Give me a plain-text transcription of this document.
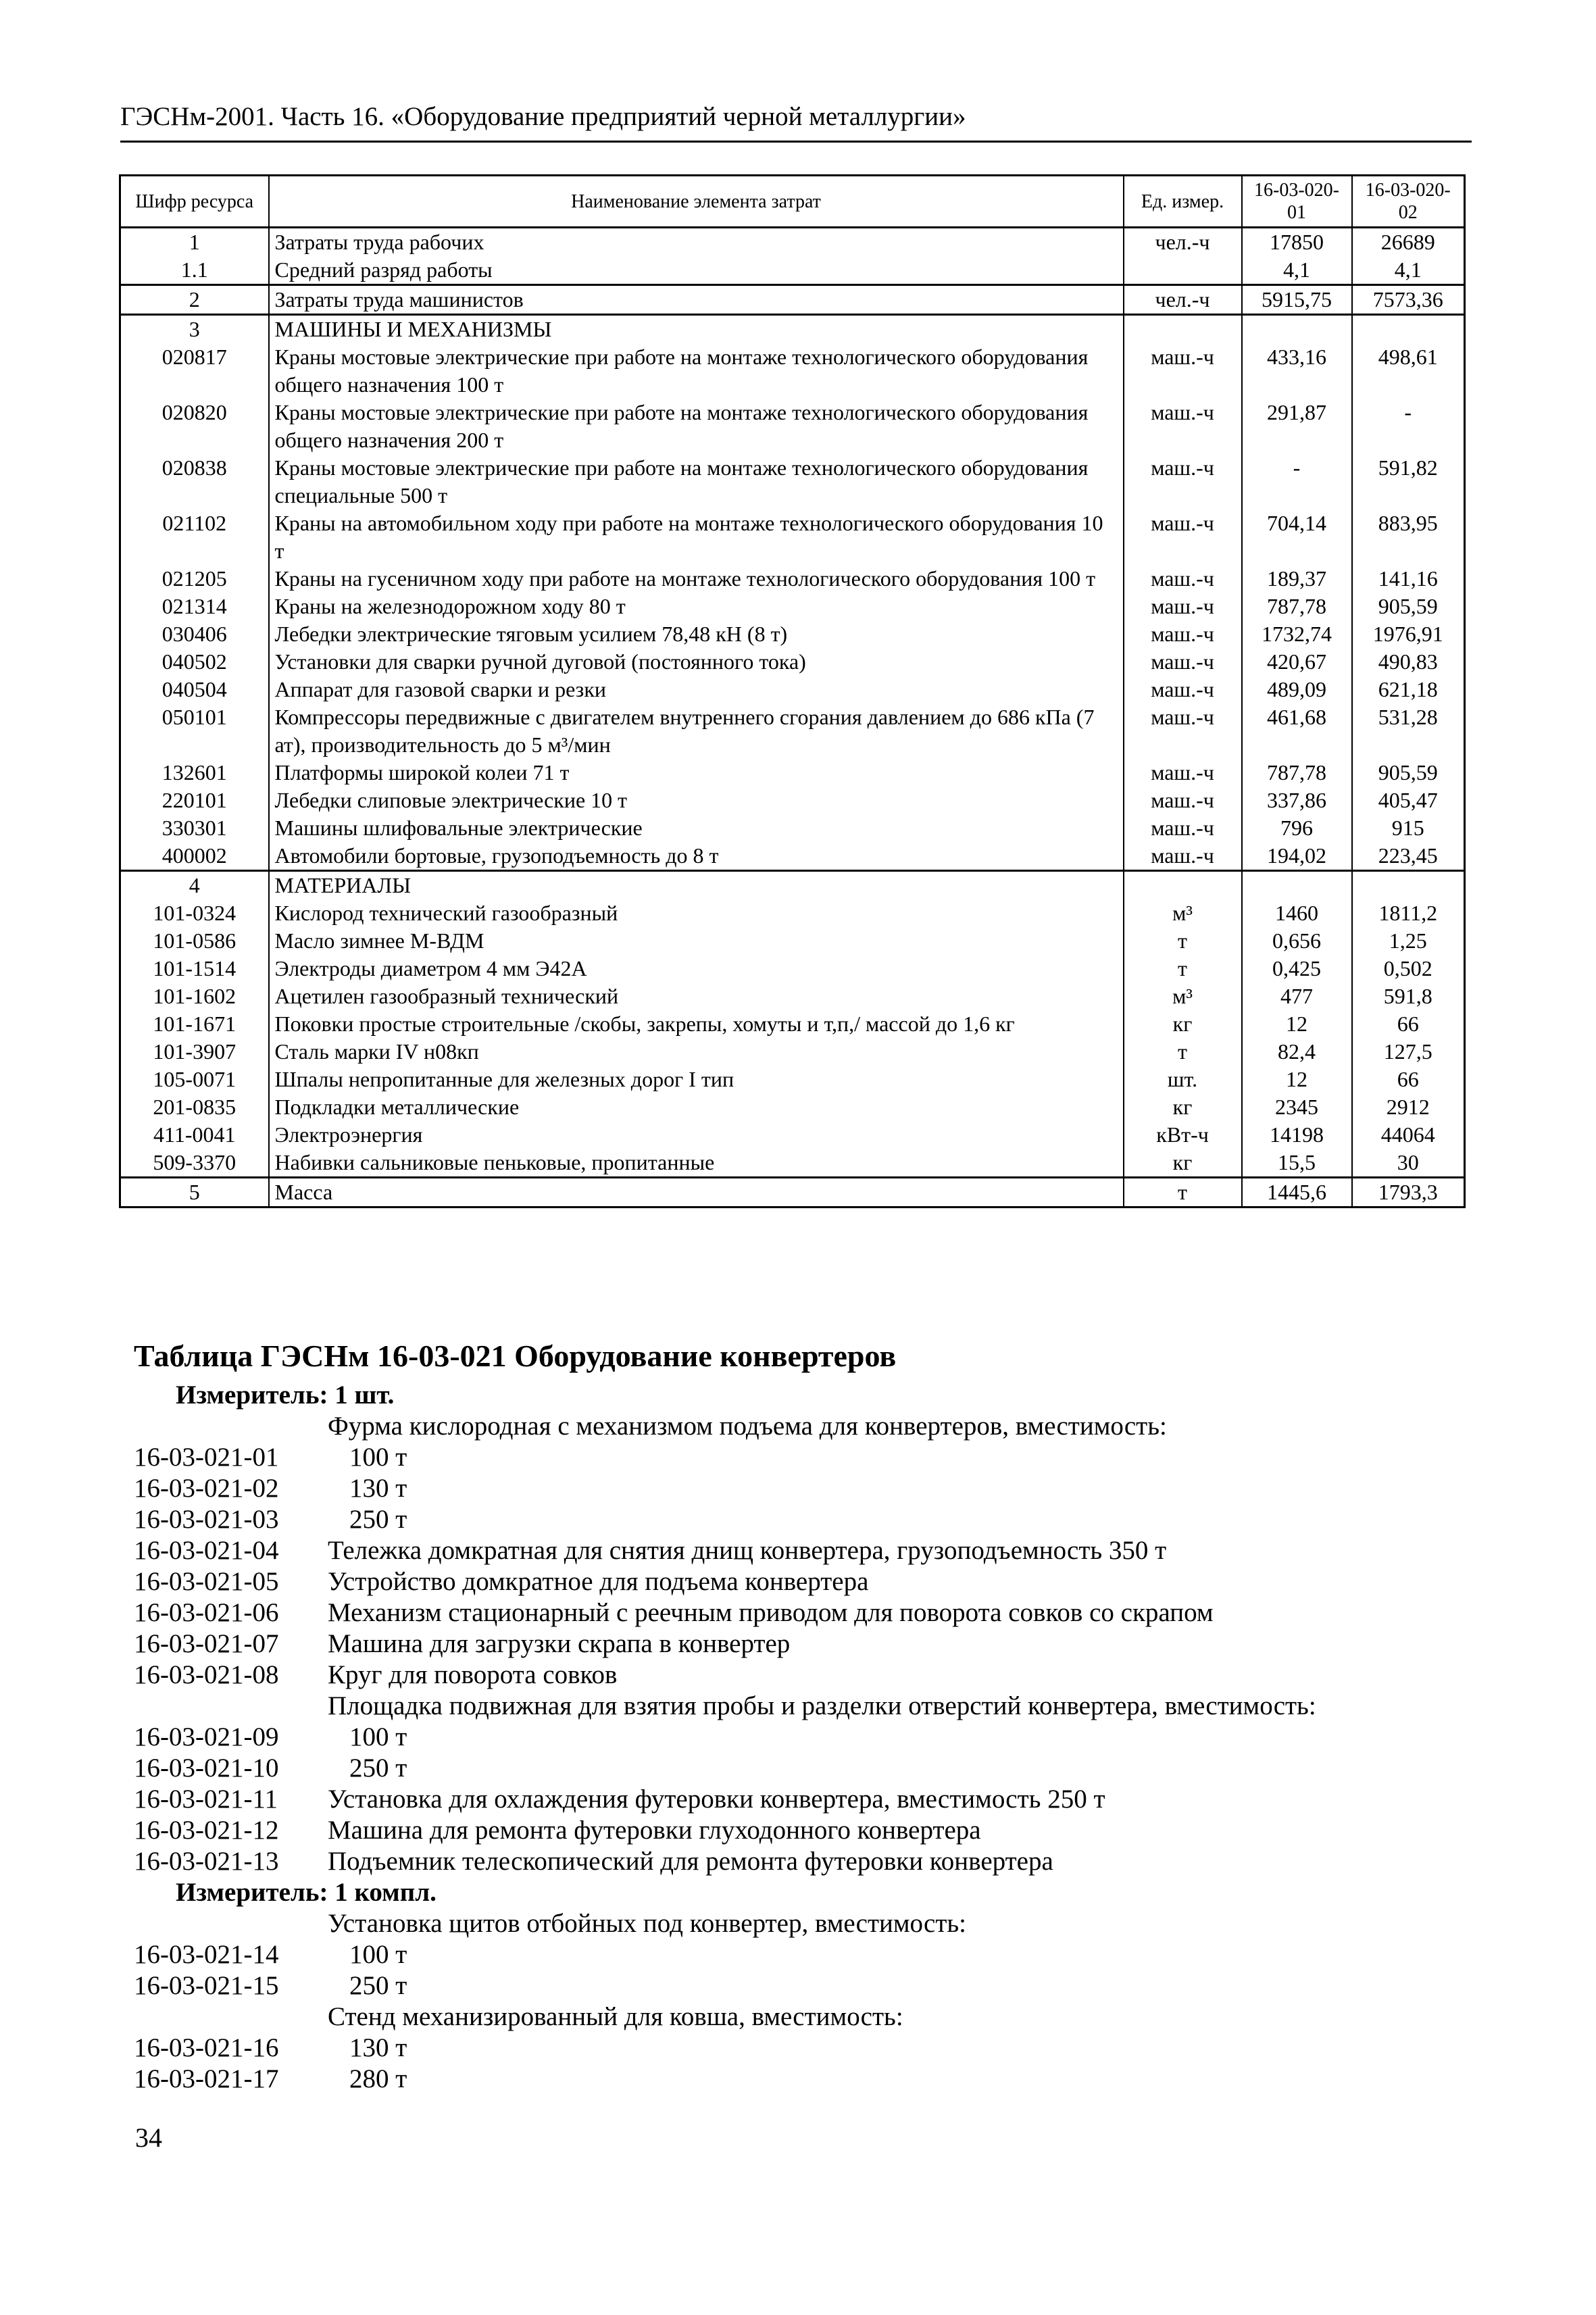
ГЭСНм-2001. Часть 16. «Оборудование предприятий черной металлургии»
Шифр ресурса	Наименование элемента затрат	Ед. измер.	16-03-020-01	16-03-020-02
1	Затраты труда рабочих	чел.-ч	17850	26689
1.1	Средний разряд работы		4,1	4,1
2	Затраты труда машинистов	чел.-ч	5915,75	7573,36
3	МАШИНЫ И МЕХАНИЗМЫ			
020817	Краны мостовые электрические при работе на монтаже технологического оборудования общего назначения 100 т	маш.-ч	433,16	498,61
020820	Краны мостовые электрические при работе на монтаже технологического оборудования общего назначения 200 т	маш.-ч	291,87	-
020838	Краны мостовые электрические при работе на монтаже технологического оборудования специальные 500 т	маш.-ч	-	591,82
021102	Краны на автомобильном ходу при работе на монтаже технологического оборудования 10 т	маш.-ч	704,14	883,95
021205	Краны на гусеничном ходу при работе на монтаже технологического оборудования 100 т	маш.-ч	189,37	141,16
021314	Краны на железнодорожном ходу 80 т	маш.-ч	787,78	905,59
030406	Лебедки электрические тяговым усилием 78,48 кН (8 т)	маш.-ч	1732,74	1976,91
040502	Установки для сварки ручной дуговой (постоянного тока)	маш.-ч	420,67	490,83
040504	Аппарат для газовой сварки и резки	маш.-ч	489,09	621,18
050101	Компрессоры передвижные с двигателем внутреннего сгорания давлением до 686 кПа (7 ат), производительность до 5 м³/мин	маш.-ч	461,68	531,28
132601	Платформы широкой колеи 71 т	маш.-ч	787,78	905,59
220101	Лебедки слиповые электрические 10 т	маш.-ч	337,86	405,47
330301	Машины шлифовальные электрические	маш.-ч	796	915
400002	Автомобили бортовые, грузоподъемность до 8 т	маш.-ч	194,02	223,45
4	МАТЕРИАЛЫ			
101-0324	Кислород технический газообразный	м³	1460	1811,2
101-0586	Масло зимнее М-ВДМ	т	0,656	1,25
101-1514	Электроды диаметром 4 мм Э42А	т	0,425	0,502
101-1602	Ацетилен газообразный технический	м³	477	591,8
101-1671	Поковки простые строительные /скобы, закрепы, хомуты и т,п,/ массой до 1,6 кг	кг	12	66
101-3907	Сталь марки IV н08кп	т	82,4	127,5
105-0071	Шпалы непропитанные для железных дорог I тип	шт.	12	66
201-0835	Подкладки металлические	кг	2345	2912
411-0041	Электроэнергия	кВт-ч	14198	44064
509-3370	Набивки сальниковые пеньковые, пропитанные	кг	15,5	30
5	Масса	т	1445,6	1793,3
Таблица ГЭСНм 16-03-021 Оборудование конвертеров
Измеритель: 1 шт.
Фурма кислородная с механизмом подъема для конвертеров, вместимость:
16-03-021-01	100 т
16-03-021-02	130 т
16-03-021-03	250 т
16-03-021-04	Тележка домкратная для снятия днищ конвертера, грузоподъемность 350 т
16-03-021-05	Устройство домкратное для подъема конвертера
16-03-021-06	Механизм стационарный с реечным приводом для поворота совков со скрапом
16-03-021-07	Машина для загрузки скрапа в конвертер
16-03-021-08	Круг для поворота совков
Площадка подвижная для взятия пробы и разделки отверстий конвертера, вместимость:
16-03-021-09	100 т
16-03-021-10	250 т
16-03-021-11	Установка для охлаждения футеровки конвертера, вместимость 250 т
16-03-021-12	Машина для ремонта футеровки глуходонного конвертера
16-03-021-13	Подъемник телескопический для ремонта футеровки конвертера
Измеритель: 1 компл.
Установка щитов отбойных под конвертер, вместимость:
16-03-021-14	100 т
16-03-021-15	250 т
Стенд механизированный для ковша, вместимость:
16-03-021-16	130 т
16-03-021-17	280 т
34
